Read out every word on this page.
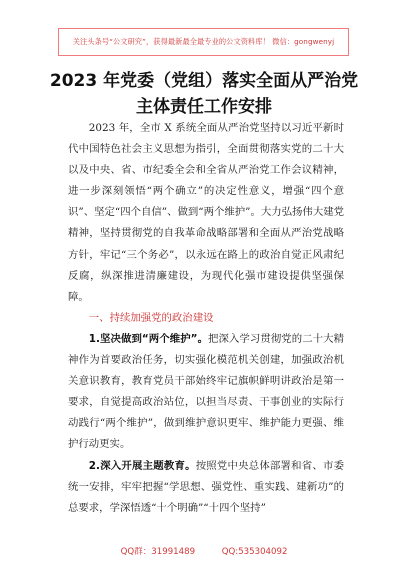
关注头条号“公文研究”，获得最新最全最专业的公文资料库！ 微信：gongwenyj
2023 年党委（党组）落实全面从严治党
主体责任工作安排

2023 年，全市 X 系统全面从严治党坚持以习近平新时代中国特色社会主义思想为指引，全面贯彻落实党的二十大以及中央、省、市纪委全会和全省从严治党工作会议精神，进一步深刻领悟“两个确立”的决定性意义，增强“四个意识”、坚定“四个自信”、做到“两个维护”。大力弘扬伟大建党精神，坚持贯彻党的自我革命战略部署和全面从严治党战略方针，牢记“三个务必”，以永远在路上的政治自觉正风肃纪反腐，纵深推进清廉建设，为现代化强市建设提供坚强保障。

一、持续加强党的政治建设

1.坚决做到“两个维护”。把深入学习贯彻党的二十大精神作为首要政治任务，切实强化模范机关创建，加强政治机关意识教育，教育党员干部始终牢记旗帜鲜明讲政治是第一要求，自觉提高政治站位，以担当尽责、干事创业的实际行动践行“两个维护”，做到维护意识更牢、维护能力更强、维护行动更实。

2.深入开展主题教育。按照党中央总体部署和省、市委统一安排，牢牢把握“学思想、强党性、重实践、建新功”的总要求，学深悟透“十个明确”“十四个坚持”

QQ群：31991489	QQ:535304092
